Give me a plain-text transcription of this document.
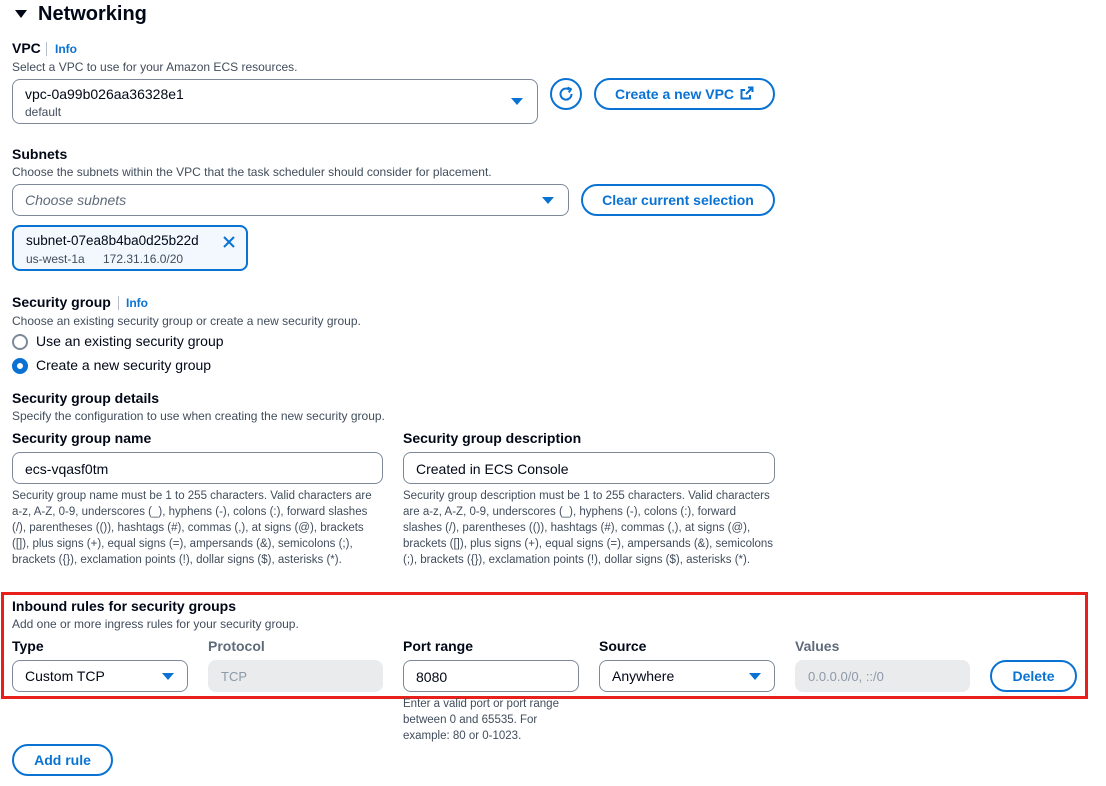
Networking
VPC Info
Select a VPC to use for your Amazon ECS resources.
vpc-0a99b026aa36328e1
default
Create a new VPC
Subnets
Choose the subnets within the VPC that the task scheduler should consider for placement.
Choose subnets	Clear current selection
subnet-07ea8b4ba0d25b22d
us-west-1a 172.31.16.0/20
Security group Info
Choose an existing security group or create a new security group.
Use an existing security group
Create a new security group
Security group details
Specify the configuration to use when creating the new security group.
Security group name
ecs-vqasf0tm
Security group name must be 1 to 255 characters. Valid characters are a-z, A-Z, 0-9, underscores (_), hyphens (-), colons (:), forward slashes (/), parentheses (()), hashtags (#), commas (,), at signs (@), brackets ([]), plus signs (+), equal signs (=), ampersands (&), semicolons (;), brackets ({}), exclamation points (!), dollar signs ($), asterisks (*).
Security group description
Created in ECS Console
Security group description must be 1 to 255 characters. Valid characters are a-z, A-Z, 0-9, underscores (_), hyphens (-), colons (:), forward slashes (/), parentheses (()), hashtags (#), commas (,), at signs (@), brackets ([]), plus signs (+), equal signs (=), ampersands (&), semicolons (;), brackets ({}), exclamation points (!), dollar signs ($), asterisks (*).
Inbound rules for security groups
Add one or more ingress rules for your security group.
Type	Protocol	Port range	Source	Values
Custom TCP	TCP	8080	Anywhere	0.0.0.0/0, ::/0	Delete
Enter a valid port or port range between 0 and 65535. For example: 80 or 0-1023.
Add rule
